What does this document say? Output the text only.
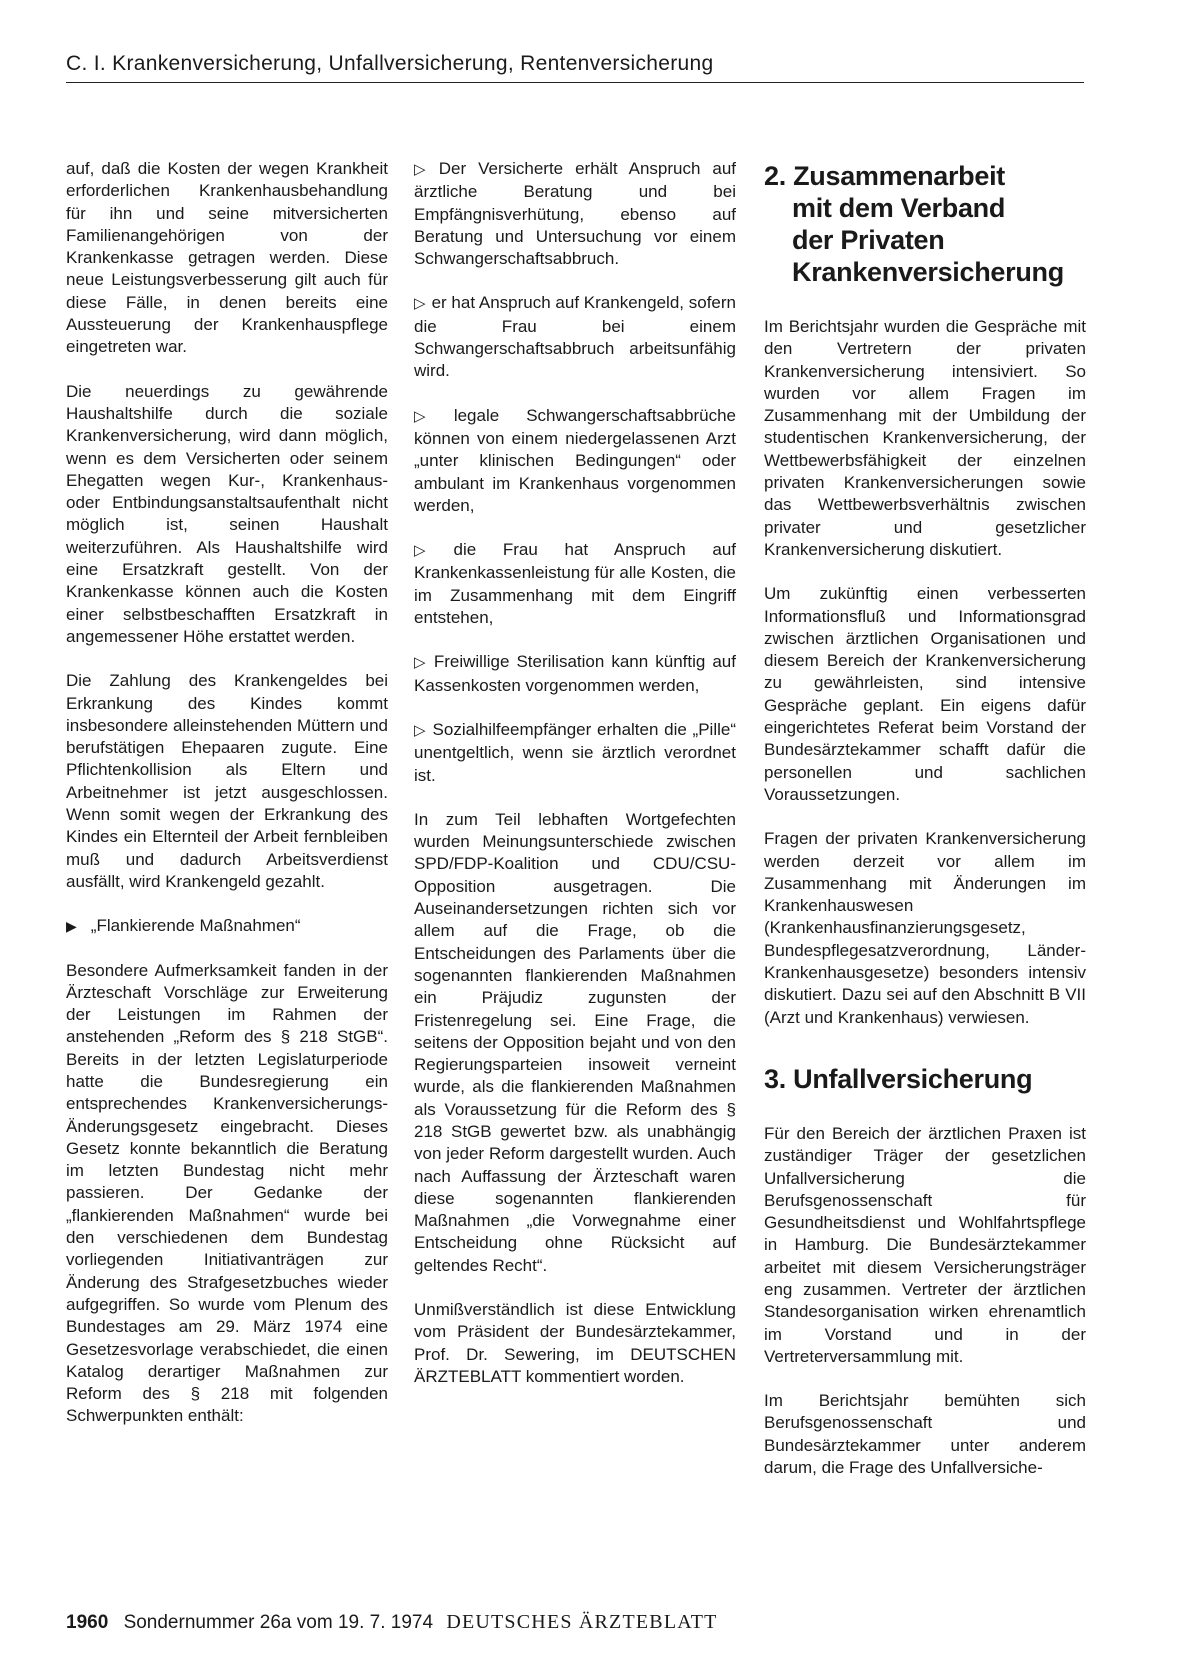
C. I. Krankenversicherung, Unfallversicherung, Rentenversicherung

auf, daß die Kosten der wegen Krankheit erforderlichen Krankenhausbehandlung für ihn und seine mitversicherten Familienangehörigen von der Krankenkasse getragen werden. Diese neue Leistungsverbesserung gilt auch für diese Fälle, in denen bereits eine Aussteuerung der Krankenhauspflege eingetreten war.

Die neuerdings zu gewährende Haushaltshilfe durch die soziale Krankenversicherung, wird dann möglich, wenn es dem Versicherten oder seinem Ehegatten wegen Kur-, Krankenhaus- oder Entbindungsanstaltsaufenthalt nicht möglich ist, seinen Haushalt weiterzuführen. Als Haushaltshilfe wird eine Ersatzkraft gestellt. Von der Krankenkasse können auch die Kosten einer selbstbeschafften Ersatzkraft in angemessener Höhe erstattet werden.

Die Zahlung des Krankengeldes bei Erkrankung des Kindes kommt insbesondere alleinstehenden Müttern und berufstätigen Ehepaaren zugute. Eine Pflichtenkollision als Eltern und Arbeitnehmer ist jetzt ausgeschlossen. Wenn somit wegen der Erkrankung des Kindes ein Elternteil der Arbeit fernbleiben muß und dadurch Arbeitsverdienst ausfällt, wird Krankengeld gezahlt.

▶ „Flankierende Maßnahmen“

Besondere Aufmerksamkeit fanden in der Ärzteschaft Vorschläge zur Erweiterung der Leistungen im Rahmen der anstehenden „Reform des § 218 StGB“. Bereits in der letzten Legislaturperiode hatte die Bundesregierung ein entsprechendes Krankenversicherungs-Änderungsgesetz eingebracht. Dieses Gesetz konnte bekanntlich die Beratung im letzten Bundestag nicht mehr passieren. Der Gedanke der „flankierenden Maßnahmen“ wurde bei den verschiedenen dem Bundestag vorliegenden Initiativanträgen zur Änderung des Strafgesetzbuches wieder aufgegriffen. So wurde vom Plenum des Bundestages am 29. März 1974 eine Gesetzesvorlage verabschiedet, die einen Katalog derartiger Maßnahmen zur Reform des § 218 mit folgenden Schwerpunkten enthält:

▷ Der Versicherte erhält Anspruch auf ärztliche Beratung und bei Empfängnisverhütung, ebenso auf Beratung und Untersuchung vor einem Schwangerschaftsabbruch.

▷ er hat Anspruch auf Krankengeld, sofern die Frau bei einem Schwangerschaftsabbruch arbeitsunfähig wird.

▷ legale Schwangerschaftsabbrüche können von einem niedergelassenen Arzt „unter klinischen Bedingungen“ oder ambulant im Krankenhaus vorgenommen werden,

▷ die Frau hat Anspruch auf Krankenkassenleistung für alle Kosten, die im Zusammenhang mit dem Eingriff entstehen,

▷ Freiwillige Sterilisation kann künftig auf Kassenkosten vorgenommen werden,

▷ Sozialhilfeempfänger erhalten die „Pille“ unentgeltlich, wenn sie ärztlich verordnet ist.

In zum Teil lebhaften Wortgefechten wurden Meinungsunterschiede zwischen SPD/FDP-Koalition und CDU/CSU-Opposition ausgetragen. Die Auseinandersetzungen richten sich vor allem auf die Frage, ob die Entscheidungen des Parlaments über die sogenannten flankierenden Maßnahmen ein Präjudiz zugunsten der Fristenregelung sei. Eine Frage, die seitens der Opposition bejaht und von den Regierungsparteien insoweit verneint wurde, als die flankierenden Maßnahmen als Voraussetzung für die Reform des § 218 StGB gewertet bzw. als unabhängig von jeder Reform dargestellt wurden. Auch nach Auffassung der Ärzteschaft waren diese sogenannten flankierenden Maßnahmen „die Vorwegnahme einer Entscheidung ohne Rücksicht auf geltendes Recht“.

Unmißverständlich ist diese Entwicklung vom Präsident der Bundesärztekammer, Prof. Dr. Sewering, im DEUTSCHEN ÄRZTEBLATT kommentiert worden.

2. Zusammenarbeit
mit dem Verband
der Privaten
Krankenversicherung

Im Berichtsjahr wurden die Gespräche mit den Vertretern der privaten Krankenversicherung intensiviert. So wurden vor allem Fragen im Zusammenhang mit der Umbildung der studentischen Krankenversicherung, der Wettbewerbsfähigkeit der einzelnen privaten Krankenversicherungen sowie das Wettbewerbsverhältnis zwischen privater und gesetzlicher Krankenversicherung diskutiert.

Um zukünftig einen verbesserten Informationsfluß und Informationsgrad zwischen ärztlichen Organisationen und diesem Bereich der Krankenversicherung zu gewährleisten, sind intensive Gespräche geplant. Ein eigens dafür eingerichtetes Referat beim Vorstand der Bundesärztekammer schafft dafür die personellen und sachlichen Voraussetzungen.

Fragen der privaten Krankenversicherung werden derzeit vor allem im Zusammenhang mit Änderungen im Krankenhauswesen (Krankenhausfinanzierungsgesetz, Bundespflegesatzverordnung, Länder-Krankenhausgesetze) besonders intensiv diskutiert. Dazu sei auf den Abschnitt B VII (Arzt und Krankenhaus) verwiesen.

3. Unfallversicherung

Für den Bereich der ärztlichen Praxen ist zuständiger Träger der gesetzlichen Unfallversicherung die Berufsgenossenschaft für Gesundheitsdienst und Wohlfahrtspflege in Hamburg. Die Bundesärztekammer arbeitet mit diesem Versicherungsträger eng zusammen. Vertreter der ärztlichen Standesorganisation wirken ehrenamtlich im Vorstand und in der Vertreterversammlung mit.

Im Berichtsjahr bemühten sich Berufsgenossenschaft und Bundesärztekammer unter anderem darum, die Frage des Unfallversiche-

1960 Sondernummer 26a vom 19. 7. 1974 DEUTSCHES ÄRZTEBLATT
